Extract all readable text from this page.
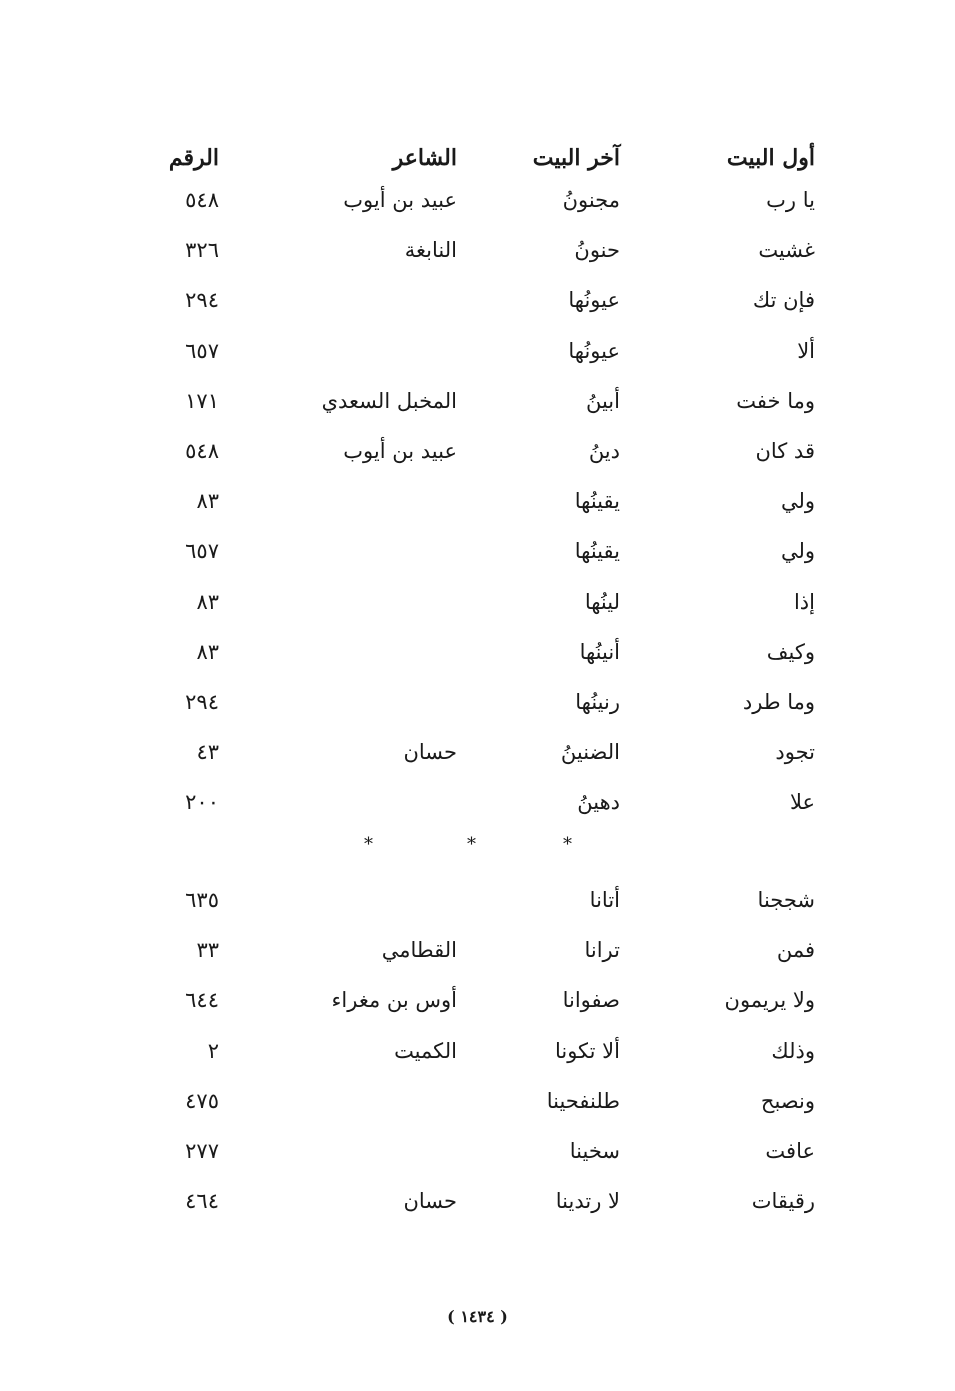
أول البيت
آخر البيت
الشاعر
الرقم
يا رب
مجنونُ
عبيد بن أيوب
٥٤٨
غشيت
حنونُ
النابغة
٣٢٦
فإن تك
عيونُها
٢٩٤
ألا
عيونُها
٦٥٧
وما خفت
أبينُ
المخبل السعدي
١٧١
قد كان
دينُ
عبيد بن أيوب
٥٤٨
ولي
يقينُها
٨٣
ولي
يقينُها
٦٥٧
إذا
لينُها
٨٣
وكيف
أنينُها
٨٣
وما طرد
رنينُها
٢٩٤
تجود
الضنينُ
حسان
٤٣
علا
دهينُ
٢٠٠
*
*
*
شججنا
أتانا
٦٣٥
فمن
ترانا
القطامي
٣٣
ولا يريمون
صفوانا
أوس بن مغراء
٦٤٤
وذلك
ألا تكونا
الكميت
٢
ونصبح
طلنفحينا
٤٧٥
عافت
سخينا
٢٧٧
رقيقات
لا رتدينا
حسان
٤٦٤
( ١٤٣٤ )
